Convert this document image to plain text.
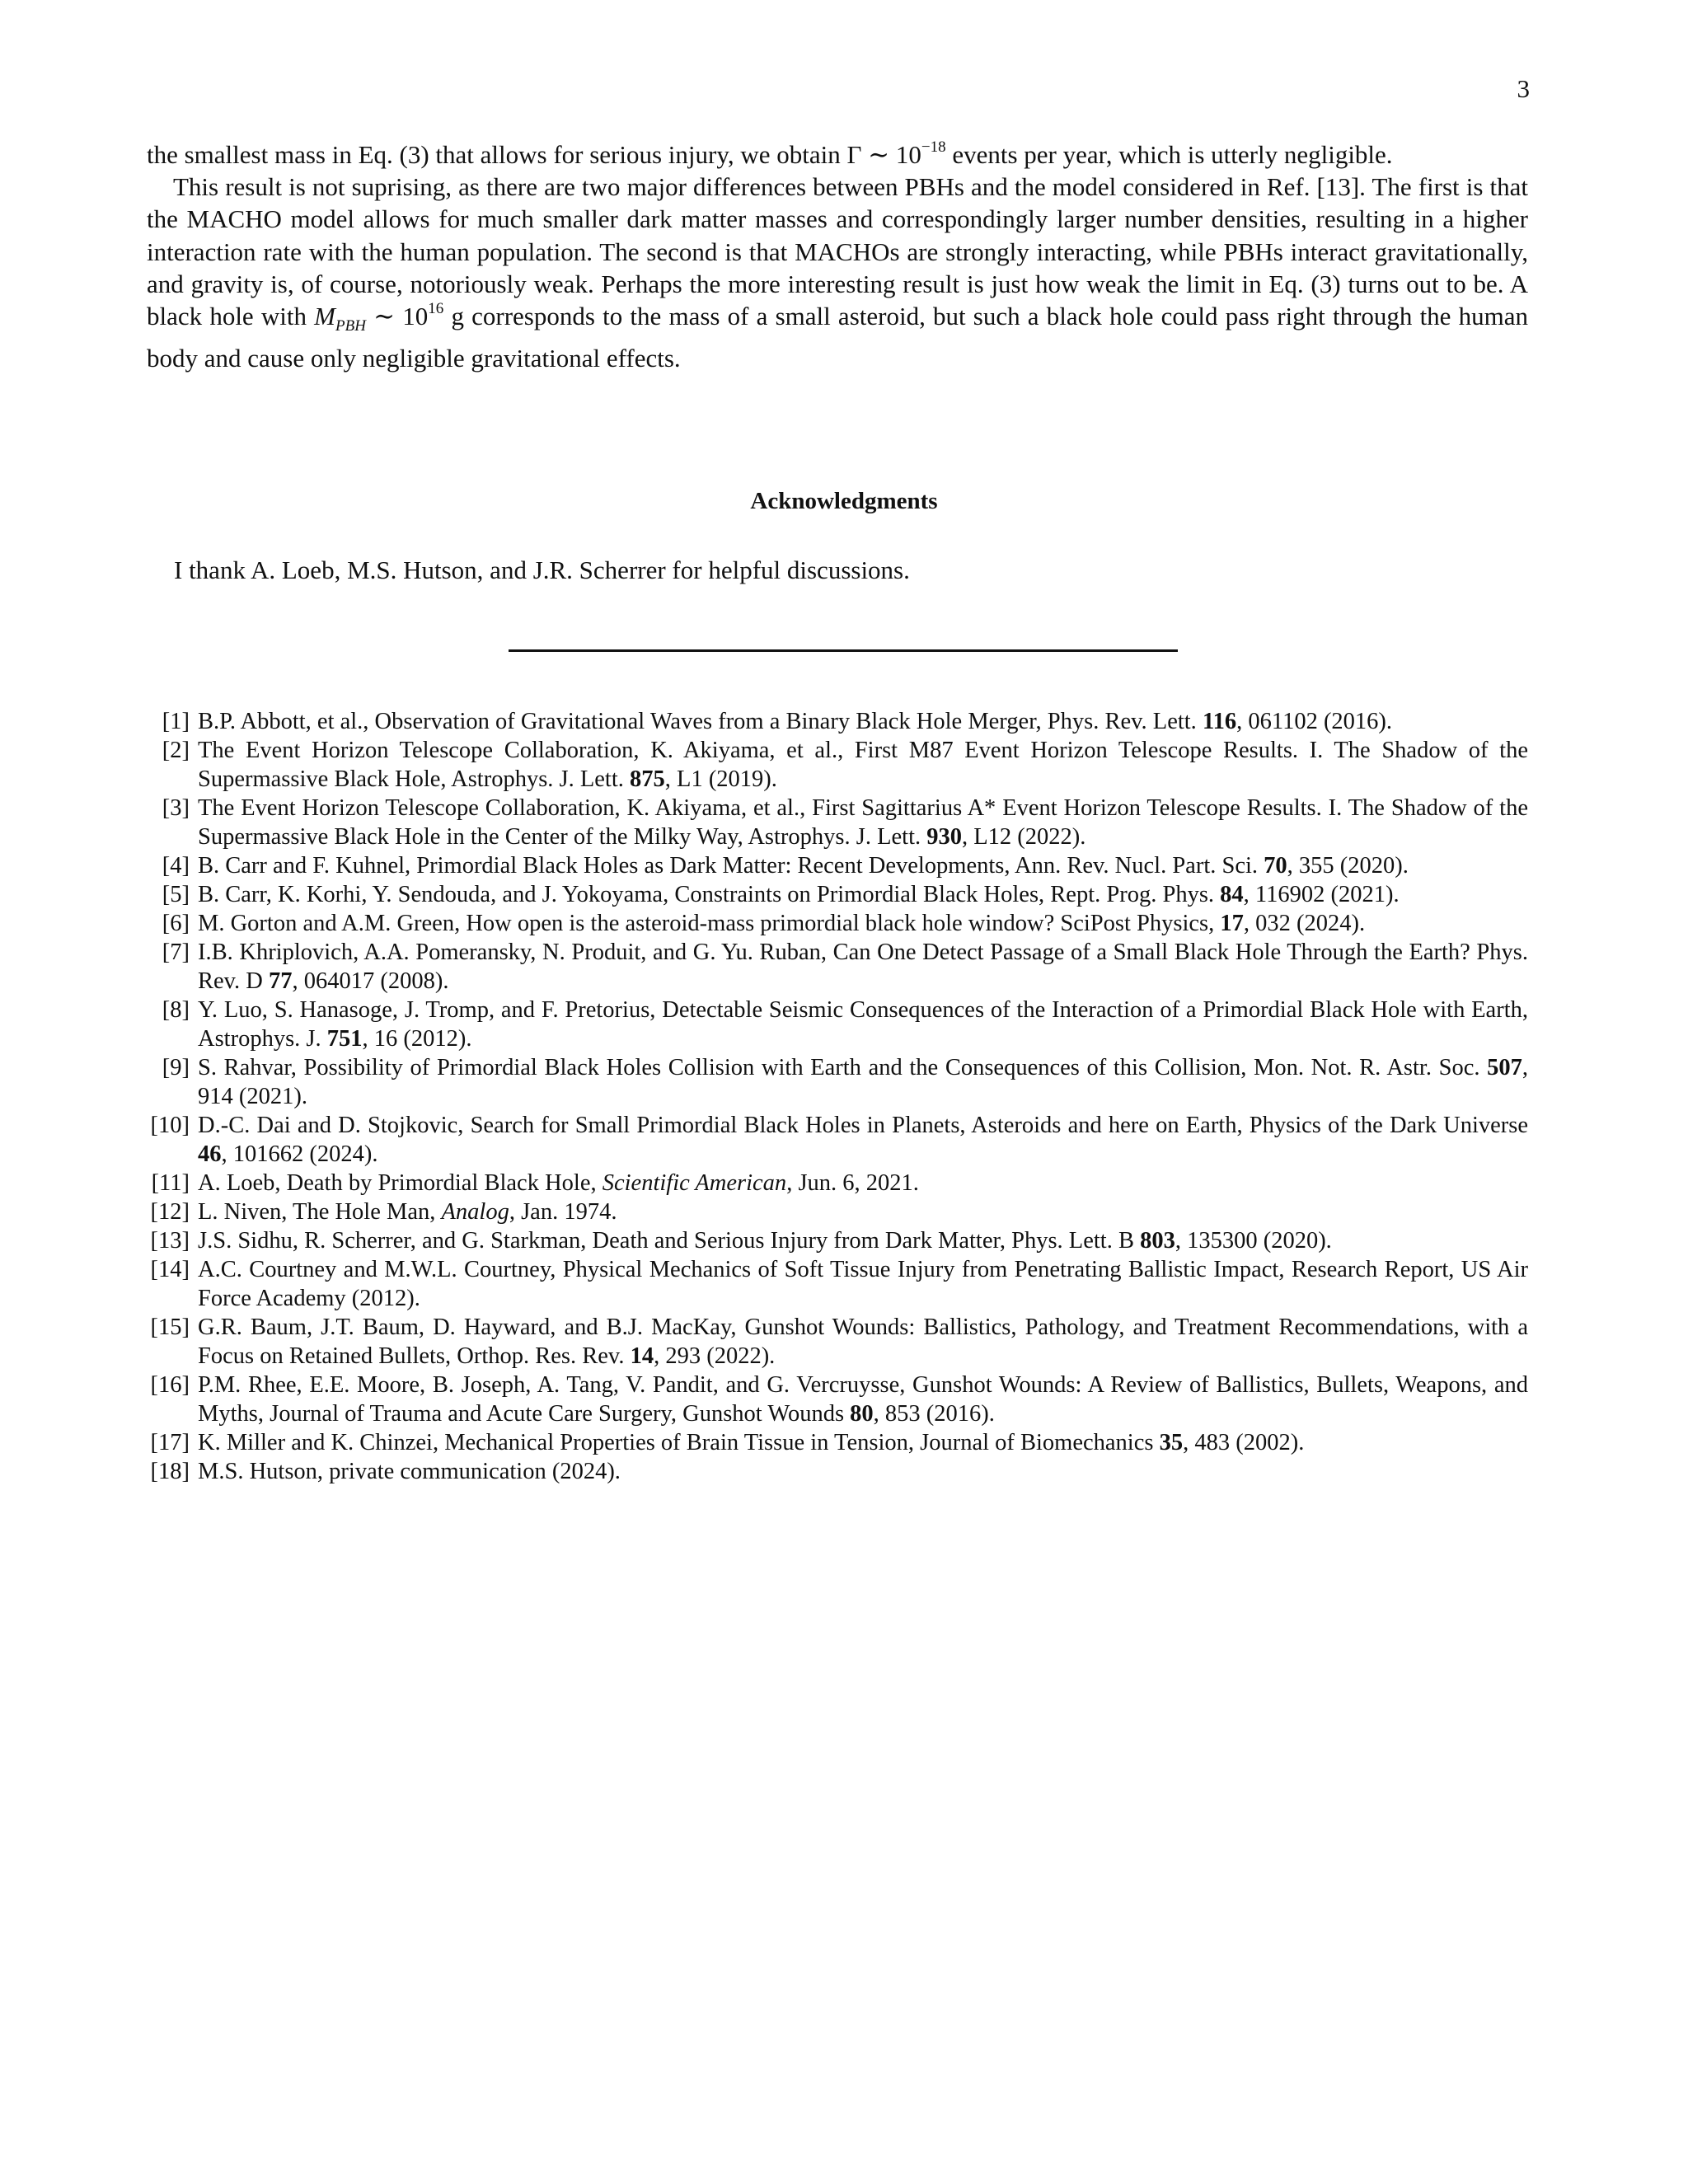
3

the smallest mass in Eq. (3) that allows for serious injury, we obtain Γ ∼ $10^{-18}$ events per year, which is utterly negligible.

This result is not suprising, as there are two major differences between PBHs and the model considered in Ref. [13]. The first is that the MACHO model allows for much smaller dark matter masses and correspondingly larger number densities, resulting in a higher interaction rate with the human population. The second is that MACHOs are strongly interacting, while PBHs interact gravitationally, and gravity is, of course, notoriously weak. Perhaps the more interesting result is just how weak the limit in Eq. (3) turns out to be. A black hole with $M_{PBH}$ ∼ $10^{16}$ g corresponds to the mass of a small asteroid, but such a black hole could pass right through the human body and cause only negligible gravitational effects.

Acknowledgments
I thank A. Loeb, M.S. Hutson, and J.R. Scherrer for helpful discussions.
[1] B.P. Abbott, et al., Observation of Gravitational Waves from a Binary Black Hole Merger, Phys. Rev. Lett. 116, 061102 (2016).
[2] The Event Horizon Telescope Collaboration, K. Akiyama, et al., First M87 Event Horizon Telescope Results. I. The Shadow of the Supermassive Black Hole, Astrophys. J. Lett. 875, L1 (2019).
[3] The Event Horizon Telescope Collaboration, K. Akiyama, et al., First Sagittarius A* Event Horizon Telescope Results. I. The Shadow of the Supermassive Black Hole in the Center of the Milky Way, Astrophys. J. Lett. 930, L12 (2022).
[4] B. Carr and F. Kuhnel, Primordial Black Holes as Dark Matter: Recent Developments, Ann. Rev. Nucl. Part. Sci. 70, 355 (2020).
[5] B. Carr, K. Korhi, Y. Sendouda, and J. Yokoyama, Constraints on Primordial Black Holes, Rept. Prog. Phys. 84, 116902 (2021).
[6] M. Gorton and A.M. Green, How open is the asteroid-mass primordial black hole window? SciPost Physics, 17, 032 (2024).
[7] I.B. Khriplovich, A.A. Pomeransky, N. Produit, and G. Yu. Ruban, Can One Detect Passage of a Small Black Hole Through the Earth? Phys. Rev. D 77, 064017 (2008).
[8] Y. Luo, S. Hanasoge, J. Tromp, and F. Pretorius, Detectable Seismic Consequences of the Interaction of a Primordial Black Hole with Earth, Astrophys. J. 751, 16 (2012).
[9] S. Rahvar, Possibility of Primordial Black Holes Collision with Earth and the Consequences of this Collision, Mon. Not. R. Astr. Soc. 507, 914 (2021).
[10] D.-C. Dai and D. Stojkovic, Search for Small Primordial Black Holes in Planets, Asteroids and here on Earth, Physics of the Dark Universe 46, 101662 (2024).
[11] A. Loeb, Death by Primordial Black Hole, Scientific American, Jun. 6, 2021.
[12] L. Niven, The Hole Man, Analog, Jan. 1974.
[13] J.S. Sidhu, R. Scherrer, and G. Starkman, Death and Serious Injury from Dark Matter, Phys. Lett. B 803, 135300 (2020).
[14] A.C. Courtney and M.W.L. Courtney, Physical Mechanics of Soft Tissue Injury from Penetrating Ballistic Impact, Research Report, US Air Force Academy (2012).
[15] G.R. Baum, J.T. Baum, D. Hayward, and B.J. MacKay, Gunshot Wounds: Ballistics, Pathology, and Treatment Recommendations, with a Focus on Retained Bullets, Orthop. Res. Rev. 14, 293 (2022).
[16] P.M. Rhee, E.E. Moore, B. Joseph, A. Tang, V. Pandit, and G. Vercruysse, Gunshot Wounds: A Review of Ballistics, Bullets, Weapons, and Myths, Journal of Trauma and Acute Care Surgery, Gunshot Wounds 80, 853 (2016).
[17] K. Miller and K. Chinzei, Mechanical Properties of Brain Tissue in Tension, Journal of Biomechanics 35, 483 (2002).
[18] M.S. Hutson, private communication (2024).
